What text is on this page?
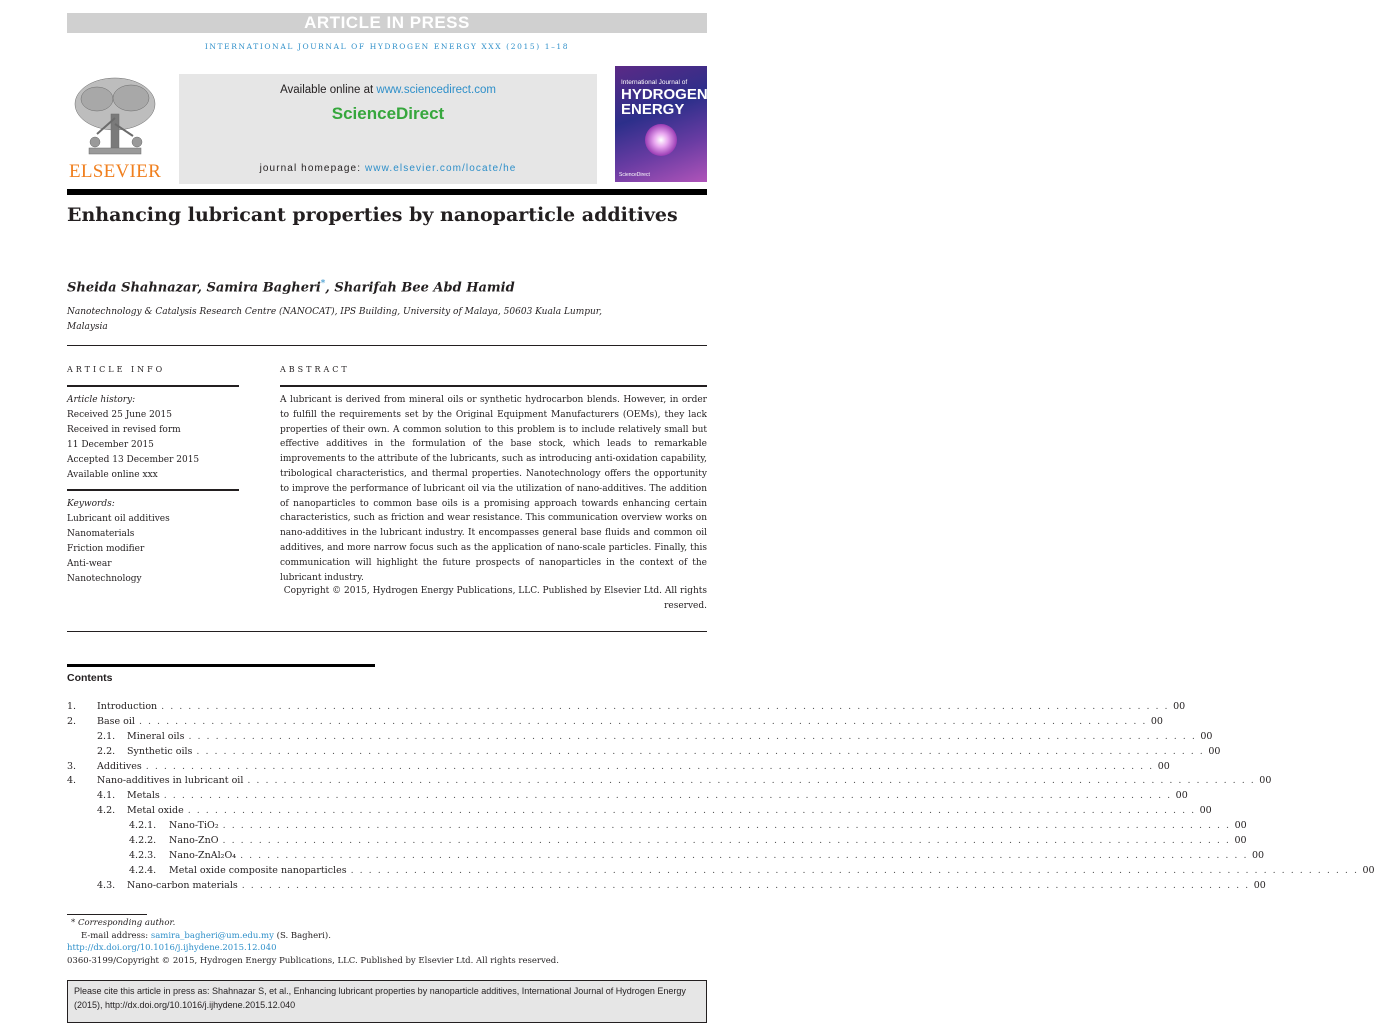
ARTICLE IN PRESS
INTERNATIONAL JOURNAL OF HYDROGEN ENERGY XXX (2015) 1–18
ELSEVIER
Available online at www.sciencedirect.com
ScienceDirect
journal homepage: www.elsevier.com/locate/he
International Journal of
HYDROGEN
ENERGY
ScienceDirect
Enhancing lubricant properties by nanoparticle additives
Sheida Shahnazar, Samira Bagheri*, Sharifah Bee Abd Hamid
Nanotechnology & Catalysis Research Centre (NANOCAT), IPS Building, University of Malaya, 50603 Kuala Lumpur, Malaysia
ARTICLE INFO	ABSTRACT
Article history:
Received 25 June 2015
Received in revised form
11 December 2015
Accepted 13 December 2015
Available online xxx
Keywords:
Lubricant oil additives
Nanomaterials
Friction modifier
Anti-wear
Nanotechnology
A lubricant is derived from mineral oils or synthetic hydrocarbon blends. However, in order to fulfill the requirements set by the Original Equipment Manufacturers (OEMs), they lack properties of their own. A common solution to this problem is to include relatively small but effective additives in the formulation of the base stock, which leads to remarkable improvements to the attribute of the lubricants, such as introducing anti-oxidation capability, tribological characteristics, and thermal properties. Nanotechnology offers the opportunity to improve the performance of lubricant oil via the utilization of nano-additives. The addition of nanoparticles to common base oils is a promising approach towards enhancing certain characteristics, such as friction and wear resistance. This communication overview works on nano-additives in the lubricant industry. It encompasses general base fluids and common oil additives, and more narrow focus such as the application of nano-scale particles. Finally, this communication will highlight the future prospects of nanoparticles in the context of the lubricant industry.
Copyright © 2015, Hydrogen Energy Publications, LLC. Published by Elsevier Ltd. All rights reserved.
Contents
1.	Introduction . . . . . . . . . . . . . . . . . . . . . . . . . . . . . . . . . . . . . . . . . . . . . . . . . . . . . . . . . . . . . . . . . . . . . . . . . . . . . . . . . . . . . . . . . . . . . . . . . . . . . . . . . . . . . . . . 00
2.	Base oil . . . . . . . . . . . . . . . . . . . . . . . . . . . . . . . . . . . . . . . . . . . . . . . . . . . . . . . . . . . . . . . . . . . . . . . . . . . . . . . . . . . . . . . . . . . . . . . . . . . . . . . . . . . . . . . . 00
2.1.	Mineral oils . . . . . . . . . . . . . . . . . . . . . . . . . . . . . . . . . . . . . . . . . . . . . . . . . . . . . . . . . . . . . . . . . . . . . . . . . . . . . . . . . . . . . . . . . . . . . . . . . . . . . . . . . . . . . . . . 00
2.2.	Synthetic oils . . . . . . . . . . . . . . . . . . . . . . . . . . . . . . . . . . . . . . . . . . . . . . . . . . . . . . . . . . . . . . . . . . . . . . . . . . . . . . . . . . . . . . . . . . . . . . . . . . . . . . . . . . . . . . . . 00
3.	Additives . . . . . . . . . . . . . . . . . . . . . . . . . . . . . . . . . . . . . . . . . . . . . . . . . . . . . . . . . . . . . . . . . . . . . . . . . . . . . . . . . . . . . . . . . . . . . . . . . . . . . . . . . . . . . . . . 00
4.	Nano-additives in lubricant oil . . . . . . . . . . . . . . . . . . . . . . . . . . . . . . . . . . . . . . . . . . . . . . . . . . . . . . . . . . . . . . . . . . . . . . . . . . . . . . . . . . . . . . . . . . . . . . . . . . . . . . . . . . . . . . . . 00
4.1.	Metals . . . . . . . . . . . . . . . . . . . . . . . . . . . . . . . . . . . . . . . . . . . . . . . . . . . . . . . . . . . . . . . . . . . . . . . . . . . . . . . . . . . . . . . . . . . . . . . . . . . . . . . . . . . . . . . . 00
4.2.	Metal oxide . . . . . . . . . . . . . . . . . . . . . . . . . . . . . . . . . . . . . . . . . . . . . . . . . . . . . . . . . . . . . . . . . . . . . . . . . . . . . . . . . . . . . . . . . . . . . . . . . . . . . . . . . . . . . . . . 00
4.2.1.	Nano-TiO₂ . . . . . . . . . . . . . . . . . . . . . . . . . . . . . . . . . . . . . . . . . . . . . . . . . . . . . . . . . . . . . . . . . . . . . . . . . . . . . . . . . . . . . . . . . . . . . . . . . . . . . . . . . . . . . . . . 00
4.2.2.	Nano-ZnO . . . . . . . . . . . . . . . . . . . . . . . . . . . . . . . . . . . . . . . . . . . . . . . . . . . . . . . . . . . . . . . . . . . . . . . . . . . . . . . . . . . . . . . . . . . . . . . . . . . . . . . . . . . . . . . . 00
4.2.3.	Nano-ZnAl₂O₄ . . . . . . . . . . . . . . . . . . . . . . . . . . . . . . . . . . . . . . . . . . . . . . . . . . . . . . . . . . . . . . . . . . . . . . . . . . . . . . . . . . . . . . . . . . . . . . . . . . . . . . . . . . . . . . . . 00
4.2.4.	Metal oxide composite nanoparticles . . . . . . . . . . . . . . . . . . . . . . . . . . . . . . . . . . . . . . . . . . . . . . . . . . . . . . . . . . . . . . . . . . . . . . . . . . . . . . . . . . . . . . . . . . . . . . . . . . . . . . . . . . . . . . . . 00
4.3.	Nano-carbon materials . . . . . . . . . . . . . . . . . . . . . . . . . . . . . . . . . . . . . . . . . . . . . . . . . . . . . . . . . . . . . . . . . . . . . . . . . . . . . . . . . . . . . . . . . . . . . . . . . . . . . . . . . . . . . . . . 00
* Corresponding author.
E-mail address: samira_bagheri@um.edu.my (S. Bagheri).
http://dx.doi.org/10.1016/j.ijhydene.2015.12.040
0360-3199/Copyright © 2015, Hydrogen Energy Publications, LLC. Published by Elsevier Ltd. All rights reserved.
Please cite this article in press as: Shahnazar S, et al., Enhancing lubricant properties by nanoparticle additives, International Journal of Hydrogen Energy (2015), http://dx.doi.org/10.1016/j.ijhydene.2015.12.040
